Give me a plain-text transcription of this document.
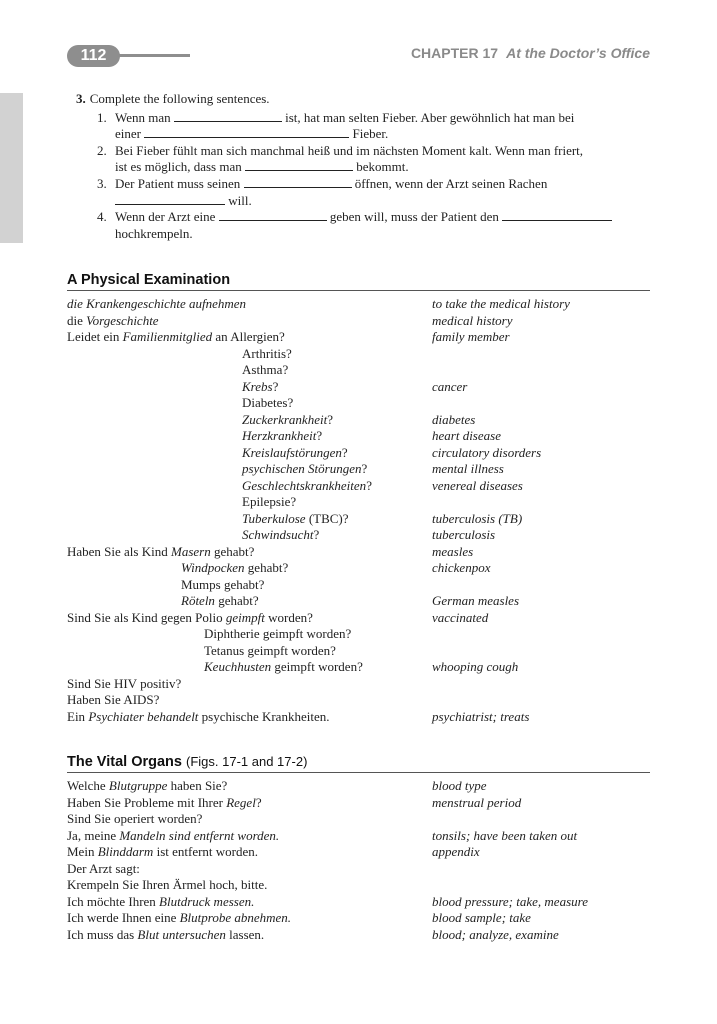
112	CHAPTER 17 At the Doctor’s Office
3. Complete the following sentences.
1. Wenn man	ist, hat man selten Fieber. Aber gewöhnlich hat man bei
einer	Fieber.
2. Bei Fieber fühlt man sich manchmal heiß und im nächsten Moment kalt. Wenn man friert,
ist es möglich, dass man	bekommt.
3. Der Patient muss seinen	öffnen, wenn der Arzt seinen Rachen
will.
4. Wenn der Arzt eine	geben will, muss der Patient den
hochkrempeln.
A Physical Examination
die Krankengeschichte aufnehmen	to take the medical history
die Vorgeschichte	medical history
Leidet ein Familienmitglied an Allergien?	family member
Arthritis?
Asthma?
Krebs?	cancer
Diabetes?
Zuckerkrankheit?	diabetes
Herzkrankheit?	heart disease
Kreislaufstörungen?	circulatory disorders
psychischen Störungen?	mental illness
Geschlechtskrankheiten?	venereal diseases
Epilepsie?
Tuberkulose (TBC)?	tuberculosis (TB)
Schwindsucht?	tuberculosis
Haben Sie als Kind Masern gehabt?	measles
Windpocken gehabt?	chickenpox
Mumps gehabt?
Röteln gehabt?	German measles
Sind Sie als Kind gegen Polio geimpft worden?	vaccinated
Diphtherie geimpft worden?
Tetanus geimpft worden?
Keuchhusten geimpft worden?	whooping cough
Sind Sie HIV positiv?
Haben Sie AIDS?
Ein Psychiater behandelt psychische Krankheiten.	psychiatrist; treats
The Vital Organs (Figs. 17-1 and 17-2)
Welche Blutgruppe haben Sie?	blood type
Haben Sie Probleme mit Ihrer Regel?	menstrual period
Sind Sie operiert worden?
Ja, meine Mandeln sind entfernt worden.	tonsils; have been taken out
Mein Blinddarm ist entfernt worden.	appendix
Der Arzt sagt:
Krempeln Sie Ihren Ärmel hoch, bitte.
Ich möchte Ihren Blutdruck messen.	blood pressure; take, measure
Ich werde Ihnen eine Blutprobe abnehmen.	blood sample; take
Ich muss das Blut untersuchen lassen.	blood; analyze, examine
